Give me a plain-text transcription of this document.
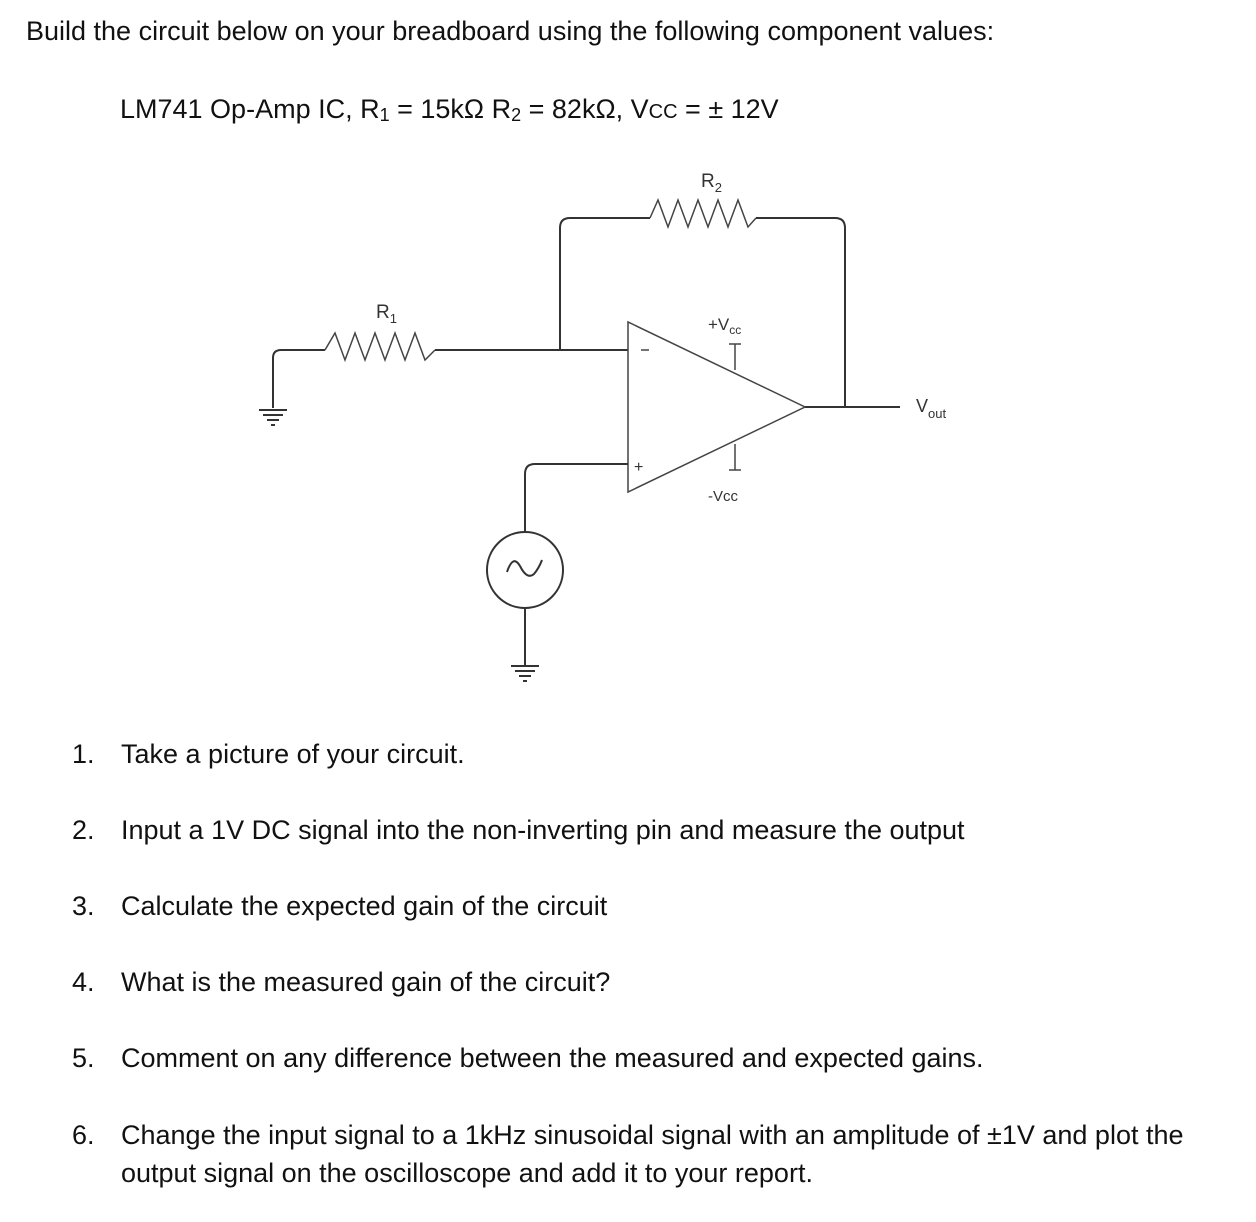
Build the circuit below on your breadboard using the following component values:
LM741 Op-Amp IC, $R_1 = 15k\Omega$ $R_2 = 82k\Omega$, VCC = ± 12V
$R_2$
$R_1$
+
$+V_{cc}$
-Vcc
$V_{out}$
1. Take a picture of your circuit.
2. Input a 1V DC signal into the non-inverting pin and measure the output
3. Calculate the expected gain of the circuit
4. What is the measured gain of the circuit?
5. Comment on any difference between the measured and expected gains.
6. Change the input signal to a 1kHz sinusoidal signal with an amplitude of ±1V and plot the output signal on the oscilloscope and add it to your report.
